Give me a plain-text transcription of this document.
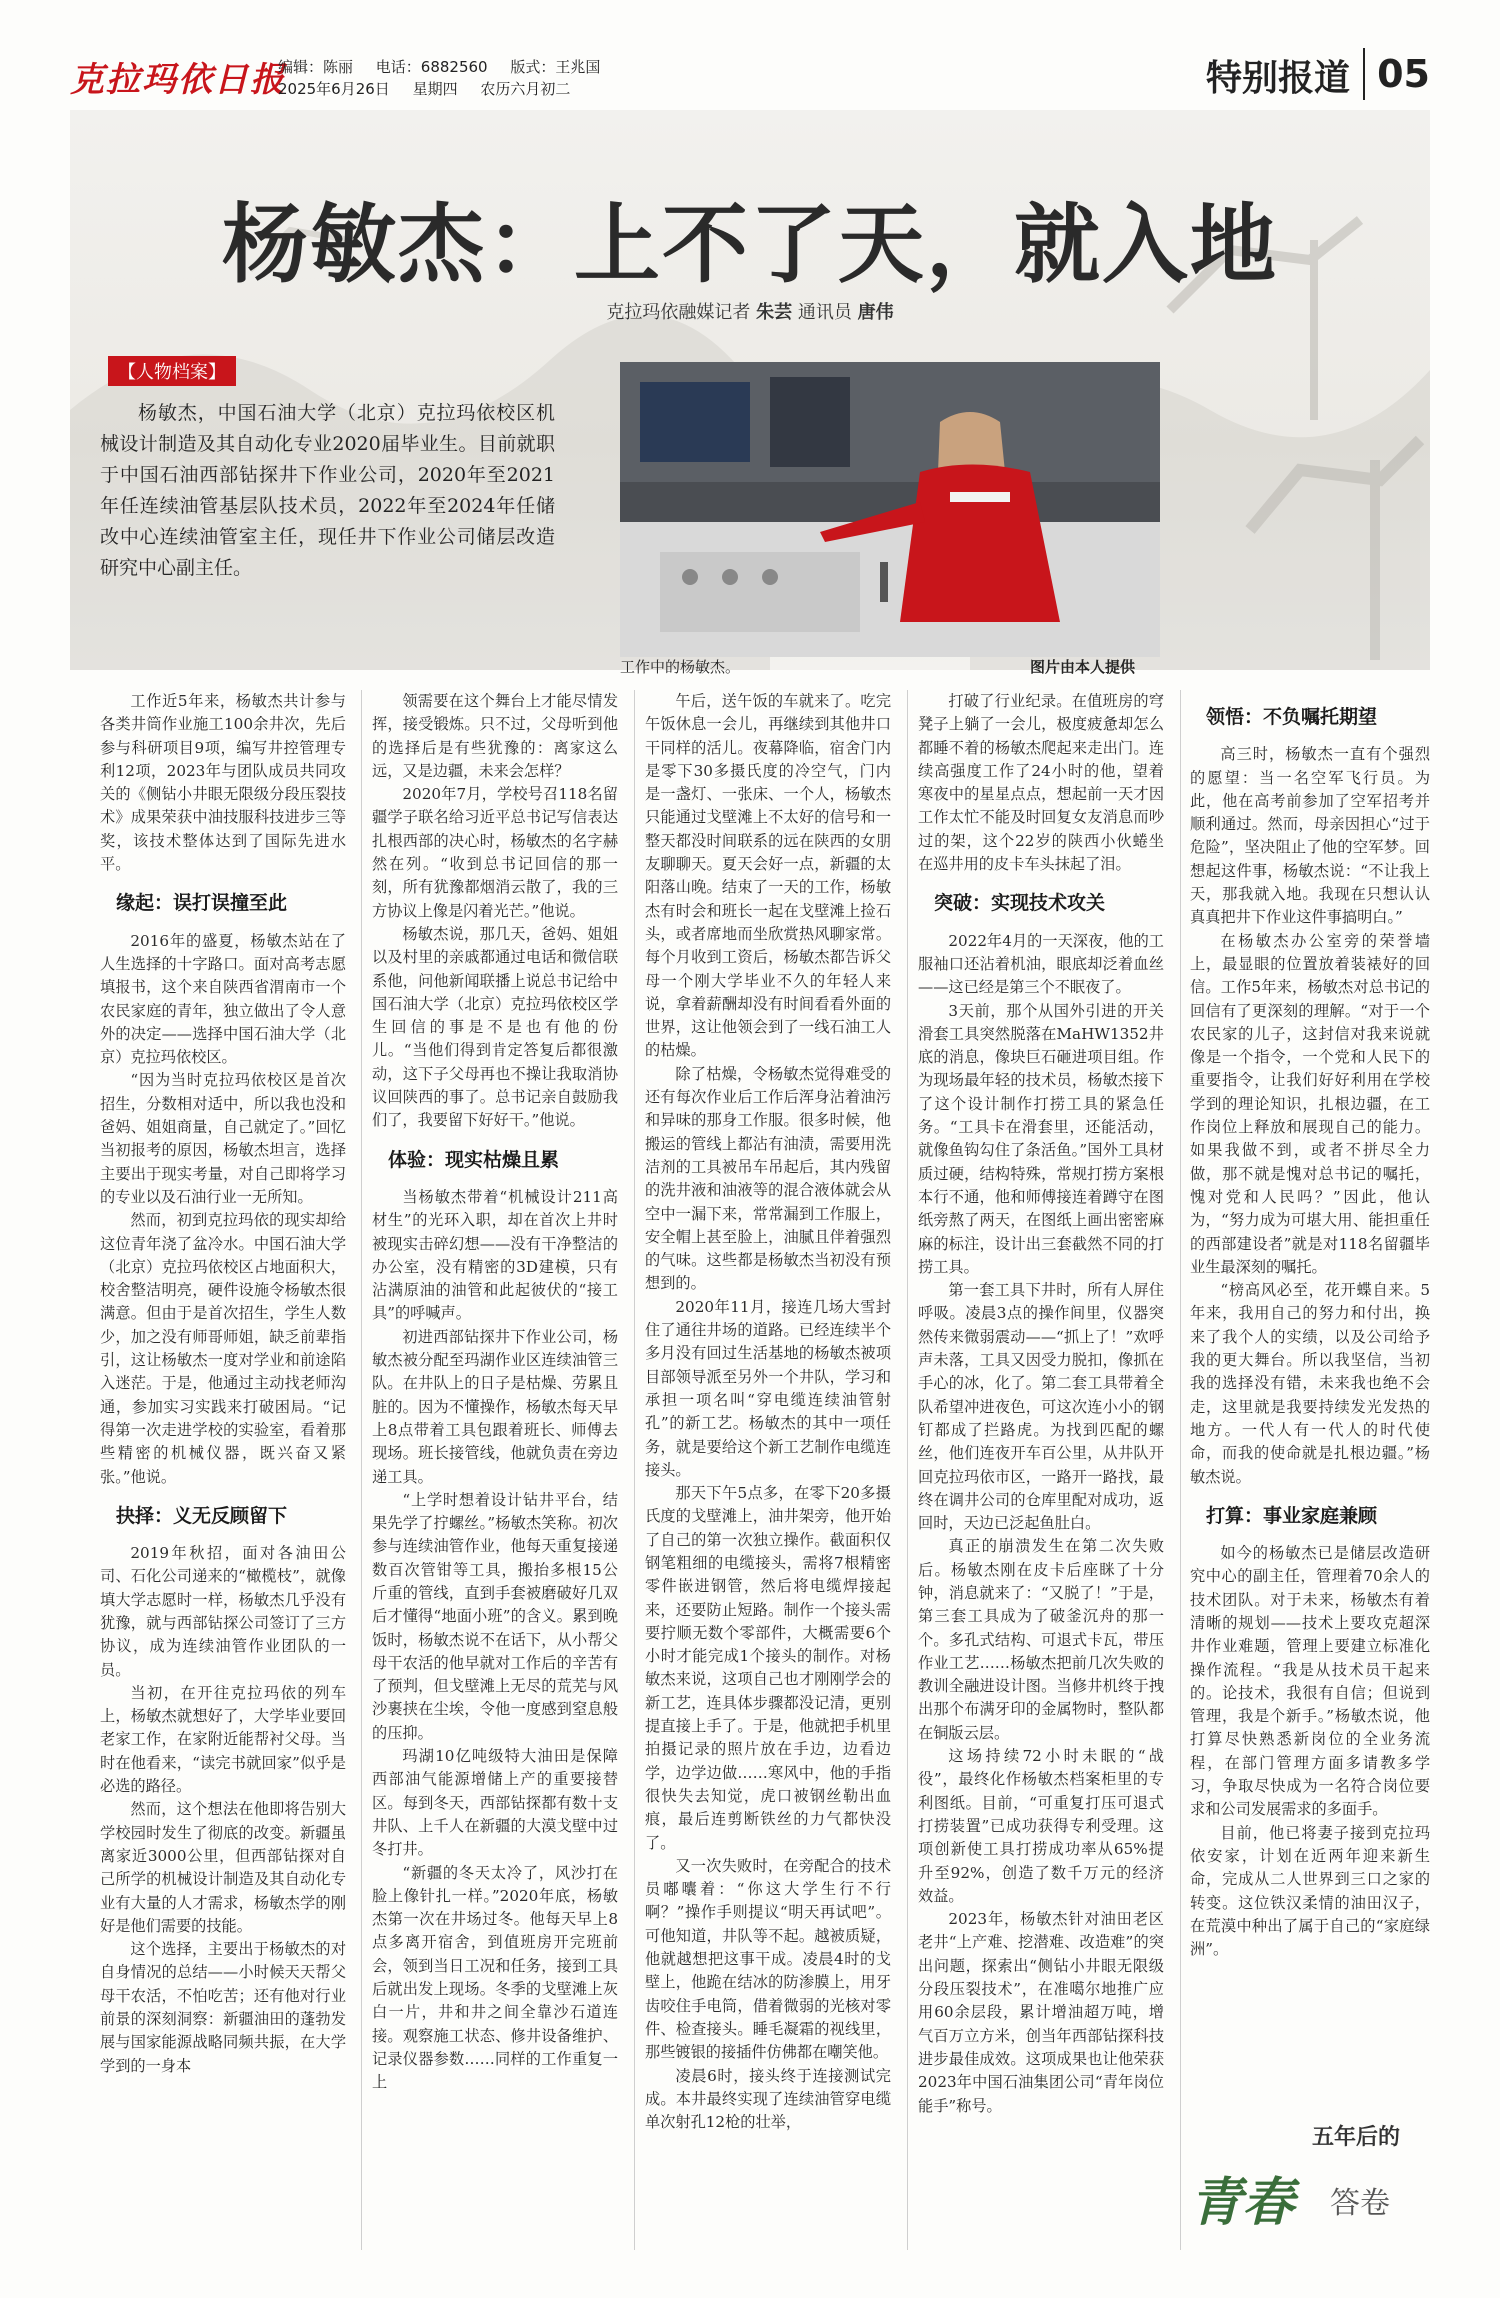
克拉玛依日报
编辑：陈丽 电话：6882560 版式：王兆国
2025年6月26日 星期四 农历六月初二	特别报道 05
杨敏杰：上不了天，就入地
克拉玛依融媒记者 朱芸 通讯员 唐伟
【人物档案】
杨敏杰，中国石油大学（北京）克拉玛依校区机械设计制造及其自动化专业2020届毕业生。目前就职于中国石油西部钻探井下作业公司，2020年至2021年任连续油管基层队技术员，2022年至2024年任储改中心连续油管室主任，现任井下作业公司储层改造研究中心副主任。
工作中的杨敏杰。	图片由本人提供

工作近5年来，杨敏杰共计参与各类井筒作业施工100余井次，先后参与科研项目9项，编写井控管理专利12项，2023年与团队成员共同攻关的《侧钻小井眼无限级分段压裂技术》成果荣获中油技服科技进步三等奖，该技术整体达到了国际先进水平。

缘起：误打误撞至此

2016年的盛夏，杨敏杰站在了人生选择的十字路口。面对高考志愿填报书，这个来自陕西省渭南市一个农民家庭的青年，独立做出了令人意外的决定——选择中国石油大学（北京）克拉玛依校区。

“因为当时克拉玛依校区是首次招生，分数相对适中，所以我也没和爸妈、姐姐商量，自己就定了。”回忆当初报考的原因，杨敏杰坦言，选择主要出于现实考量，对自己即将学习的专业以及石油行业一无所知。

然而，初到克拉玛依的现实却给这位青年浇了盆冷水。中国石油大学（北京）克拉玛依校区占地面积大，校舍整洁明亮，硬件设施令杨敏杰很满意。但由于是首次招生，学生人数少，加之没有师哥师姐，缺乏前辈指引，这让杨敏杰一度对学业和前途陷入迷茫。于是，他通过主动找老师沟通，参加实习实践来打破困局。“记得第一次走进学校的实验室，看着那些精密的机械仪器，既兴奋又紧张。”他说。

抉择：义无反顾留下

2019年秋招，面对各油田公司、石化公司递来的“橄榄枝”，就像填大学志愿时一样，杨敏杰几乎没有犹豫，就与西部钻探公司签订了三方协议，成为连续油管作业团队的一员。

当初，在开往克拉玛依的列车上，杨敏杰就想好了，大学毕业要回老家工作，在家附近能帮衬父母。当时在他看来，“读完书就回家”似乎是必选的路径。

然而，这个想法在他即将告别大学校园时发生了彻底的改变。新疆虽离家近3000公里，但西部钻探对自己所学的机械设计制造及其自动化专业有大量的人才需求，杨敏杰学的刚好是他们需要的技能。

这个选择，主要出于杨敏杰的对自身情况的总结——小时候天天帮父母干农活，不怕吃苦；还有他对行业前景的深刻洞察：新疆油田的蓬勃发展与国家能源战略同频共振，在大学学到的一身本

领需要在这个舞台上才能尽情发挥，接受锻炼。只不过，父母听到他的选择后是有些犹豫的：离家这么远，又是边疆，未来会怎样？

2020年7月，学校号召118名留疆学子联名给习近平总书记写信表达扎根西部的决心时，杨敏杰的名字赫然在列。“收到总书记回信的那一刻，所有犹豫都烟消云散了，我的三方协议上像是闪着光芒。”他说。

杨敏杰说，那几天，爸妈、姐姐以及村里的亲戚都通过电话和微信联系他，问他新闻联播上说总书记给中国石油大学（北京）克拉玛依校区学生回信的事是不是也有他的份儿。“当他们得到肯定答复后都很激动，这下子父母再也不操让我取消协议回陕西的事了。总书记亲自鼓励我们了，我要留下好好干。”他说。

体验：现实枯燥且累

当杨敏杰带着“机械设计211高材生”的光环入职，却在首次上井时被现实击碎幻想——没有干净整洁的办公室，没有精密的3D建模，只有沾满原油的油管和此起彼伏的“接工具”的呼喊声。

初进西部钻探井下作业公司，杨敏杰被分配至玛湖作业区连续油管三队。在井队上的日子是枯燥、劳累且脏的。因为不懂操作，杨敏杰每天早上8点带着工具包跟着班长、师傅去现场。班长接管线，他就负责在旁边递工具。

“上学时想着设计钻井平台，结果先学了拧螺丝。”杨敏杰笑称。初次参与连续油管作业，他每天重复接递数百次管钳等工具，搬抬多根15公斤重的管线，直到手套被磨破好几双后才懂得“地面小班”的含义。累到晚饭时，杨敏杰说不在话下，从小帮父母干农活的他早就对工作后的辛苦有了预判，但戈壁滩上无尽的荒芜与风沙裹挟在尘埃，令他一度感到窒息般的压抑。

玛湖10亿吨级特大油田是保障西部油气能源增储上产的重要接替区。每到冬天，西部钻探都有数十支井队、上千人在新疆的大漠戈壁中过冬打井。

“新疆的冬天太冷了，风沙打在脸上像针扎一样。”2020年底，杨敏杰第一次在井场过冬。他每天早上8点多离开宿舍，到值班房开完班前会，领到当日工况和任务，接到工具后就出发上现场。冬季的戈壁滩上灰白一片，井和井之间全靠沙石道连接。观察施工状态、修井设备维护、记录仪器参数……同样的工作重复一上

午后，送午饭的车就来了。吃完午饭休息一会儿，再继续到其他井口干同样的活儿。夜幕降临，宿舍门内是零下30多摄氏度的冷空气，门内是一盏灯、一张床、一个人，杨敏杰只能通过戈壁滩上不太好的信号和一整天都没时间联系的远在陕西的女朋友聊聊天。夏天会好一点，新疆的太阳落山晚。结束了一天的工作，杨敏杰有时会和班长一起在戈壁滩上捡石头，或者席地而坐欣赏热风聊家常。每个月收到工资后，杨敏杰都告诉父母一个刚大学毕业不久的年轻人来说，拿着薪酬却没有时间看看外面的世界，这让他领会到了一线石油工人的枯燥。

除了枯燥，令杨敏杰觉得难受的还有每次作业后工作后浑身沾着油污和异味的那身工作服。很多时候，他搬运的管线上都沾有油渍，需要用洗洁剂的工具被吊车吊起后，其内残留的洗井液和油液等的混合液体就会从空中一漏下来，常常漏到工作服上，安全帽上甚至脸上，油腻且伴着强烈的气味。这些都是杨敏杰当初没有预想到的。

2020年11月，接连几场大雪封住了通往井场的道路。已经连续半个多月没有回过生活基地的杨敏杰被项目部领导派至另外一个井队，学习和承担一项名叫“穿电缆连续油管射孔”的新工艺。杨敏杰的其中一项任务，就是要给这个新工艺制作电缆连接头。

那天下午5点多，在零下20多摄氏度的戈壁滩上，油井架旁，他开始了自己的第一次独立操作。截面积仅钢笔粗细的电缆接头，需将7根精密零件嵌进钢管，然后将电缆焊接起来，还要防止短路。制作一个接头需要拧顺无数个零部件，大概需要6个小时才能完成1个接头的制作。对杨敏杰来说，这项自己也才刚刚学会的新工艺，连具体步骤都没记清，更别提直接上手了。于是，他就把手机里拍摄记录的照片放在手边，边看边学，边学边做……寒风中，他的手指很快失去知觉，虎口被钢丝勒出血痕，最后连剪断铁丝的力气都快没了。

又一次失败时，在旁配合的技术员嘟囔着：“你这大学生行不行啊？”操作手则提议“明天再试吧”。可他知道，井队等不起。越被质疑，他就越想把这事干成。凌晨4时的戈壁上，他跪在结冰的防渗膜上，用牙齿咬住手电筒，借着微弱的光核对零件、检查接头。睡毛凝霜的视线里，那些镀银的接插件仿佛都在嘲笑他。

凌晨6时，接头终于连接测试完成。本井最终实现了连续油管穿电缆单次射孔12枪的壮举，

打破了行业纪录。在值班房的穹凳子上躺了一会儿，极度疲惫却怎么都睡不着的杨敏杰爬起来走出门。连续高强度工作了24小时的他，望着寒夜中的星星点点，想起前一天才因工作太忙不能及时回复女友消息而吵过的架，这个22岁的陕西小伙蜷坐在巡井用的皮卡车头抹起了泪。

突破：实现技术攻关

2022年4月的一天深夜，他的工服袖口还沾着机油，眼底却泛着血丝——这已经是第三个不眠夜了。

3天前，那个从国外引进的开关滑套工具突然脱落在MaHW1352井底的消息，像块巨石砸进项目组。作为现场最年轻的技术员，杨敏杰接下了这个设计制作打捞工具的紧急任务。“工具卡在滑套里，还能活动，就像鱼钩勾住了条活鱼。”国外工具材质过硬，结构特殊，常规打捞方案根本行不通，他和师傅接连着蹲守在图纸旁熬了两天，在图纸上画出密密麻麻的标注，设计出三套截然不同的打捞工具。

第一套工具下井时，所有人屏住呼吸。凌晨3点的操作间里，仪器突然传来微弱震动——“抓上了！”欢呼声未落，工具又因受力脱扣，像抓在手心的冰，化了。第二套工具带着全队希望冲进夜色，可这次连小小的钢钉都成了拦路虎。为找到匹配的螺丝，他们连夜开车百公里，从井队开回克拉玛依市区，一路开一路找，最终在调井公司的仓库里配对成功，返回时，天边已泛起鱼肚白。

真正的崩溃发生在第二次失败后。杨敏杰刚在皮卡后座眯了十分钟，消息就来了：“又脱了！”于是，第三套工具成为了破釜沉舟的那一个。多孔式结构、可退式卡瓦，带压作业工艺……杨敏杰把前几次失败的教训全融进设计图。当修井机终于拽出那个布满牙印的金属物时，整队都在铜版云层。

这场持续72小时未眠的“战役”，最终化作杨敏杰档案柜里的专利图纸。目前，“可重复打压可退式打捞装置”已成功获得专利受理。这项创新使工具打捞成功率从65%提升至92%，创造了数千万元的经济效益。

2023年，杨敏杰针对油田老区老井“上产难、挖潜难、改造难”的突出问题，探索出“侧钻小井眼无限级分段压裂技术”，在准噶尔地推广应用60余层段，累计增油超万吨，增气百万立方米，创当年西部钻探科技进步最佳成效。这项成果也让他荣获2023年中国石油集团公司“青年岗位能手”称号。

领悟：不负嘱托期望

高三时，杨敏杰一直有个强烈的愿望：当一名空军飞行员。为此，他在高考前参加了空军招考并顺利通过。然而，母亲因担心“过于危险”，坚决阻止了他的空军梦。回想起这件事，杨敏杰说：“不让我上天，那我就入地。我现在只想认认真真把井下作业这件事搞明白。”

在杨敏杰办公室旁的荣誉墙上，最显眼的位置放着装裱好的回信。工作5年来，杨敏杰对总书记的回信有了更深刻的理解。“对于一个农民家的儿子，这封信对我来说就像是一个指令，一个党和人民下的重要指令，让我们好好利用在学校学到的理论知识，扎根边疆，在工作岗位上释放和展现自己的能力。如果我做不到，或者不拼尽全力做，那不就是愧对总书记的嘱托，愧对党和人民吗？”因此，他认为，“努力成为可堪大用、能担重任的西部建设者”就是对118名留疆毕业生最深刻的嘱托。

“榜高风必至，花开蝶自来。5年来，我用自己的努力和付出，换来了我个人的实绩，以及公司给予我的更大舞台。所以我坚信，当初我的选择没有错，未来我也绝不会走，这里就是我要持续发光发热的地方。一代人有一代人的时代使命，而我的使命就是扎根边疆。”杨敏杰说。

打算：事业家庭兼顾

如今的杨敏杰已是储层改造研究中心的副主任，管理着70余人的技术团队。对于未来，杨敏杰有着清晰的规划——技术上要攻克超深井作业难题，管理上要建立标准化操作流程。“我是从技术员干起来的。论技术，我很有自信；但说到管理，我是个新手。”杨敏杰说，他打算尽快熟悉新岗位的全业务流程，在部门管理方面多请教多学习，争取尽快成为一名符合岗位要求和公司发展需求的多面手。

目前，他已将妻子接到克拉玛依安家，计划在近两年迎来新生命，完成从二人世界到三口之家的转变。这位铁汉柔情的油田汉子，在荒漠中种出了属于自己的“家庭绿洲”。

五年后的
青春 答卷
